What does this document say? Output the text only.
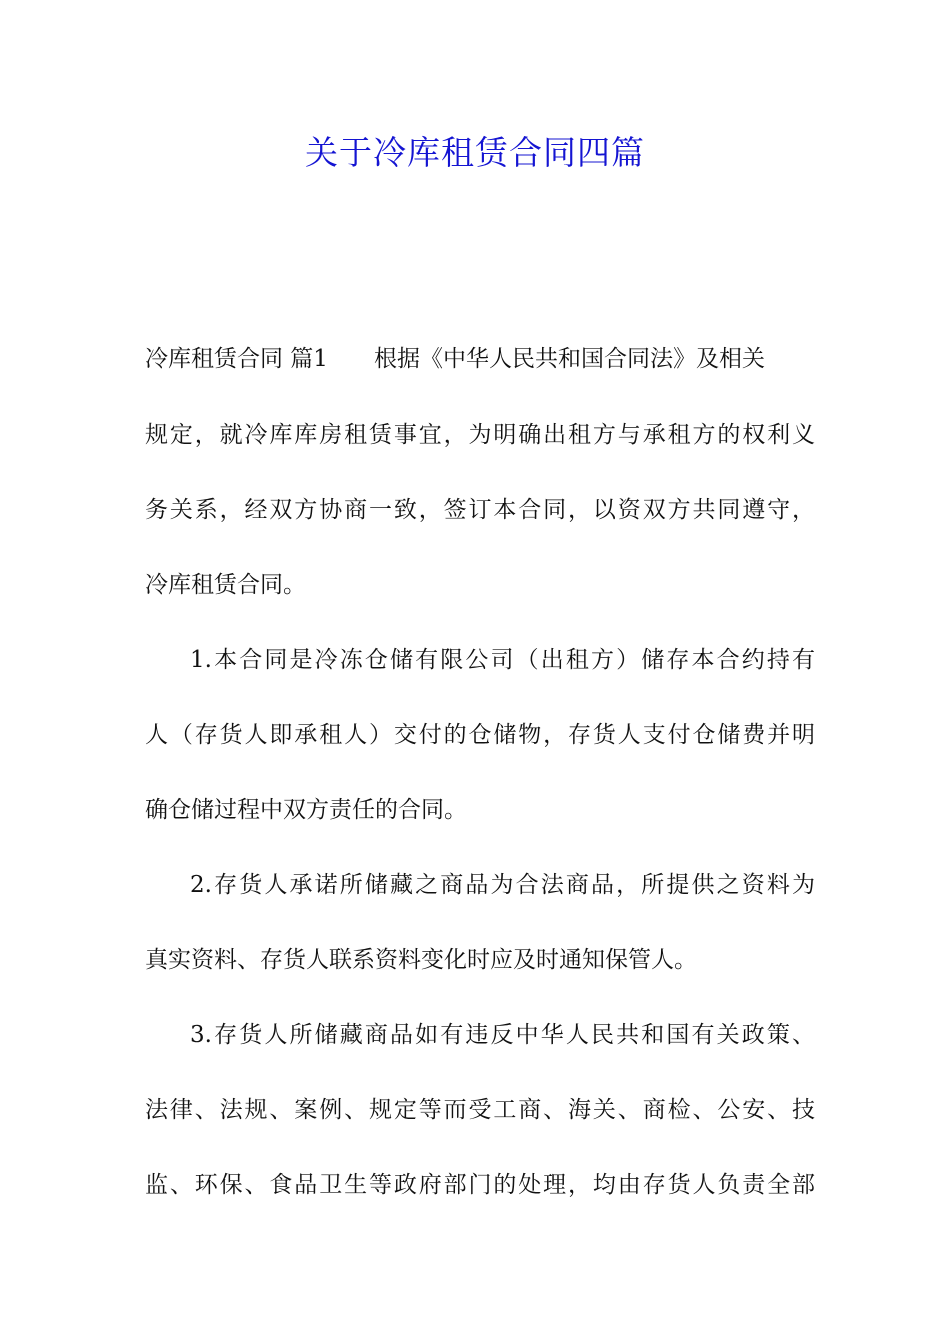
关于冷库租赁合同四篇
冷库租赁合同 篇1 根据《中华人民共和国合同法》及相关
规定，就冷库库房租赁事宜，为明确出租方与承租方的权利义
务关系，经双方协商一致，签订本合同，以资双方共同遵守，
冷库租赁合同。
1.本合同是冷冻仓储有限公司（出租方）储存本合约持有
人（存货人即承租人）交付的仓储物，存货人支付仓储费并明
确仓储过程中双方责任的合同。
2.存货人承诺所储藏之商品为合法商品，所提供之资料为
真实资料、存货人联系资料变化时应及时通知保管人。
3.存货人所储藏商品如有违反中华人民共和国有关政策、
法律、法规、案例、规定等而受工商、海关、商检、公安、技
监、环保、食品卫生等政府部门的处理，均由存货人负责全部
